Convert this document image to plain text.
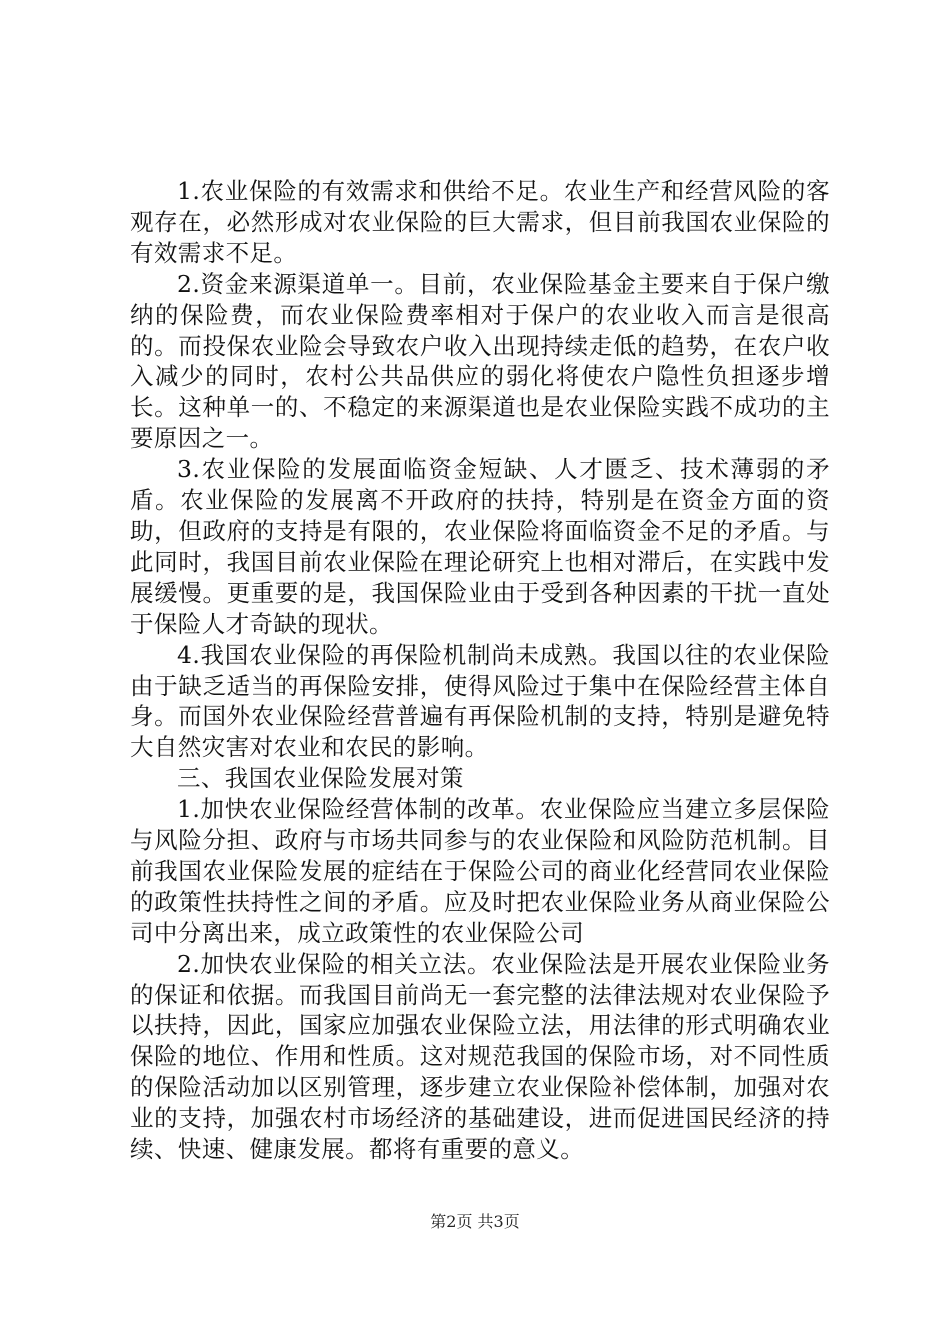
1.农业保险的有效需求和供给不足。农业生产和经营风险的客观存在，必然形成对农业保险的巨大需求，但目前我国农业保险的有效需求不足。

2.资金来源渠道单一。目前，农业保险基金主要来自于保户缴纳的保险费，而农业保险费率相对于保户的农业收入而言是很高的。而投保农业险会导致农户收入出现持续走低的趋势，在农户收入减少的同时，农村公共品供应的弱化将使农户隐性负担逐步增长。这种单一的、不稳定的来源渠道也是农业保险实践不成功的主要原因之一。

3.农业保险的发展面临资金短缺、人才匮乏、技术薄弱的矛盾。农业保险的发展离不开政府的扶持，特别是在资金方面的资助，但政府的支持是有限的，农业保险将面临资金不足的矛盾。与此同时，我国目前农业保险在理论研究上也相对滞后，在实践中发展缓慢。更重要的是，我国保险业由于受到各种因素的干扰一直处于保险人才奇缺的现状。

4.我国农业保险的再保险机制尚未成熟。我国以往的农业保险由于缺乏适当的再保险安排，使得风险过于集中在保险经营主体自身。而国外农业保险经营普遍有再保险机制的支持，特别是避免特大自然灾害对农业和农民的影响。

三、我国农业保险发展对策

1.加快农业保险经营体制的改革。农业保险应当建立多层保险与风险分担、政府与市场共同参与的农业保险和风险防范机制。目前我国农业保险发展的症结在于保险公司的商业化经营同农业保险的政策性扶持性之间的矛盾。应及时把农业保险业务从商业保险公司中分离出来，成立政策性的农业保险公司

2.加快农业保险的相关立法。农业保险法是开展农业保险业务的保证和依据。而我国目前尚无一套完整的法律法规对农业保险予以扶持，因此，国家应加强农业保险立法，用法律的形式明确农业保险的地位、作用和性质。这对规范我国的保险市场，对不同性质的保险活动加以区别管理，逐步建立农业保险补偿体制，加强对农业的支持，加强农村市场经济的基础建设，进而促进国民经济的持续、快速、健康发展。都将有重要的意义。

第2页 共3页
